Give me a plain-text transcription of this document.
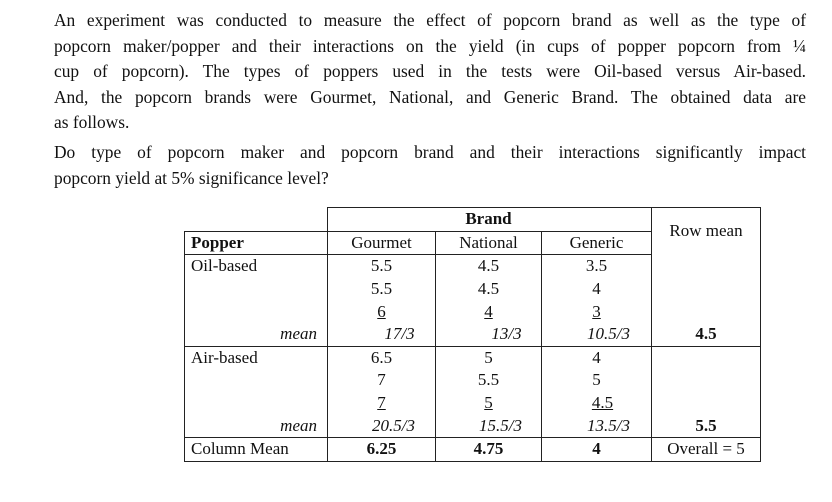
An experiment was conducted to measure the effect of popcorn brand as well as the type of
popcorn maker/popper and their interactions on the yield (in cups of popper popcorn from ¼
cup of popcorn). The types of poppers used in the tests were Oil-based versus Air-based.
And, the popcorn brands were Gourmet, National, and Generic Brand. The obtained data are
as follows.
Do type of popcorn maker and popcorn brand and their interactions significantly impact
popcorn yield at 5% significance level?
		Brand		Row mean
Popper	Gourmet	National	Generic	
Oil-based	5.5	4.5	3.5	
	5.5	4.5	4	
	6	4	3	
mean	17/3	13/3	10.5/3	4.5
Air-based	6.5	5	4	
	7	5.5	5	
	7	5	4.5	
mean	20.5/3	15.5/3	13.5/3	5.5
Column Mean	6.25	4.75	4	Overall = 5
